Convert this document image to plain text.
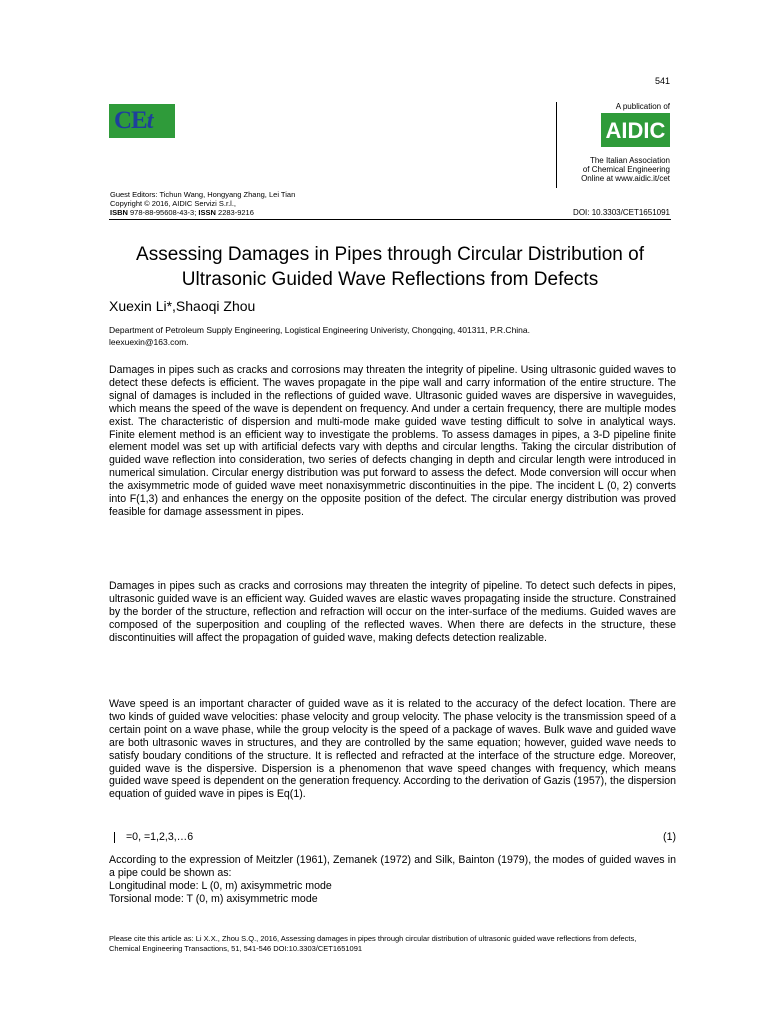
541
CEt
A publication of
AIDIC
The Italian Association
of Chemical Engineering
Online at www.aidic.it/cet
Guest Editors: Tichun Wang, Hongyang Zhang, Lei Tian
Copyright © 2016, AIDIC Servizi S.r.l.,
ISBN 978-88-95608-43-3; ISSN 2283-9216	DOI: 10.3303/CET1651091
Assessing Damages in Pipes through Circular Distribution of Ultrasonic Guided Wave Reflections from Defects
Xuexin Li*,Shaoqi Zhou
Department of Petroleum Supply Engineering, Logistical Engineering Univeristy, Chongqing, 401311, P.R.China.
leexuexin@163.com.
Damages in pipes such as cracks and corrosions may threaten the integrity of pipeline. Using ultrasonic guided waves to detect these defects is efficient. The waves propagate in the pipe wall and carry information of the entire structure. The signal of damages is included in the reflections of guided wave. Ultrasonic guided waves are dispersive in waveguides, which means the speed of the wave is dependent on frequency. And under a certain frequency, there are multiple modes exist. The characteristic of dispersion and multi-mode make guided wave testing difficult to solve in analytical ways. Finite element method is an efficient way to investigate the problems. To assess damages in pipes, a 3-D pipeline finite element model was set up with artificial defects vary with depths and circular lengths. Taking the circular distribution of guided wave reflection into consideration, two series of defects changing in depth and circular length were introduced in numerical simulation. Circular energy distribution was put forward to assess the defect. Mode conversion will occur when the axisymmetric mode of guided wave meet nonaxisymmetric discontinuities in the pipe. The incident L (0, 2) converts into F(1,3) and enhances the energy on the opposite position of the defect. The circular energy distribution was proved feasible for damage assessment in pipes.
Damages in pipes such as cracks and corrosions may threaten the integrity of pipeline. To detect such defects in pipes, ultrasonic guided wave is an efficient way. Guided waves are elastic waves propagating inside the structure. Constrained by the border of the structure, reflection and refraction will occur on the inter-surface of the mediums. Guided waves are composed of the superposition and coupling of the reflected waves. When there are defects in the structure, these discontinuities will affect the propagation of guided wave, making defects detection realizable.
Wave speed is an important character of guided wave as it is related to the accuracy of the defect location. There are two kinds of guided wave velocities: phase velocity and group velocity. The phase velocity is the transmission speed of a certain point on a wave phase, while the group velocity is the speed of a package of waves. Bulk wave and guided wave are both ultrasonic waves in structures, and they are controlled by the same equation; however, guided wave needs to satisfy boudary conditions of the structure. It is reflected and refracted at the interface of the structure edge. Moreover, guided wave is the dispersive. Dispersion is a phenomenon that wave speed changes with frequency, which means guided wave speed is dependent on the generation frequency. According to the derivation of Gazis (1957), the dispersion equation of guided wave in pipes is Eq(1).
=0, =1,2,3,…6	(1)
According to the expression of Meitzler (1961), Zemanek (1972) and Silk, Bainton (1979), the modes of guided waves in a pipe could be shown as:
Longitudinal mode: L (0, m) axisymmetric mode
Torsional mode: T (0, m) axisymmetric mode
Please cite this article as: Li X.X., Zhou S.Q., 2016, Assessing damages in pipes through circular distribution of ultrasonic guided wave reflections from defects, Chemical Engineering Transactions, 51, 541-546 DOI:10.3303/CET1651091
